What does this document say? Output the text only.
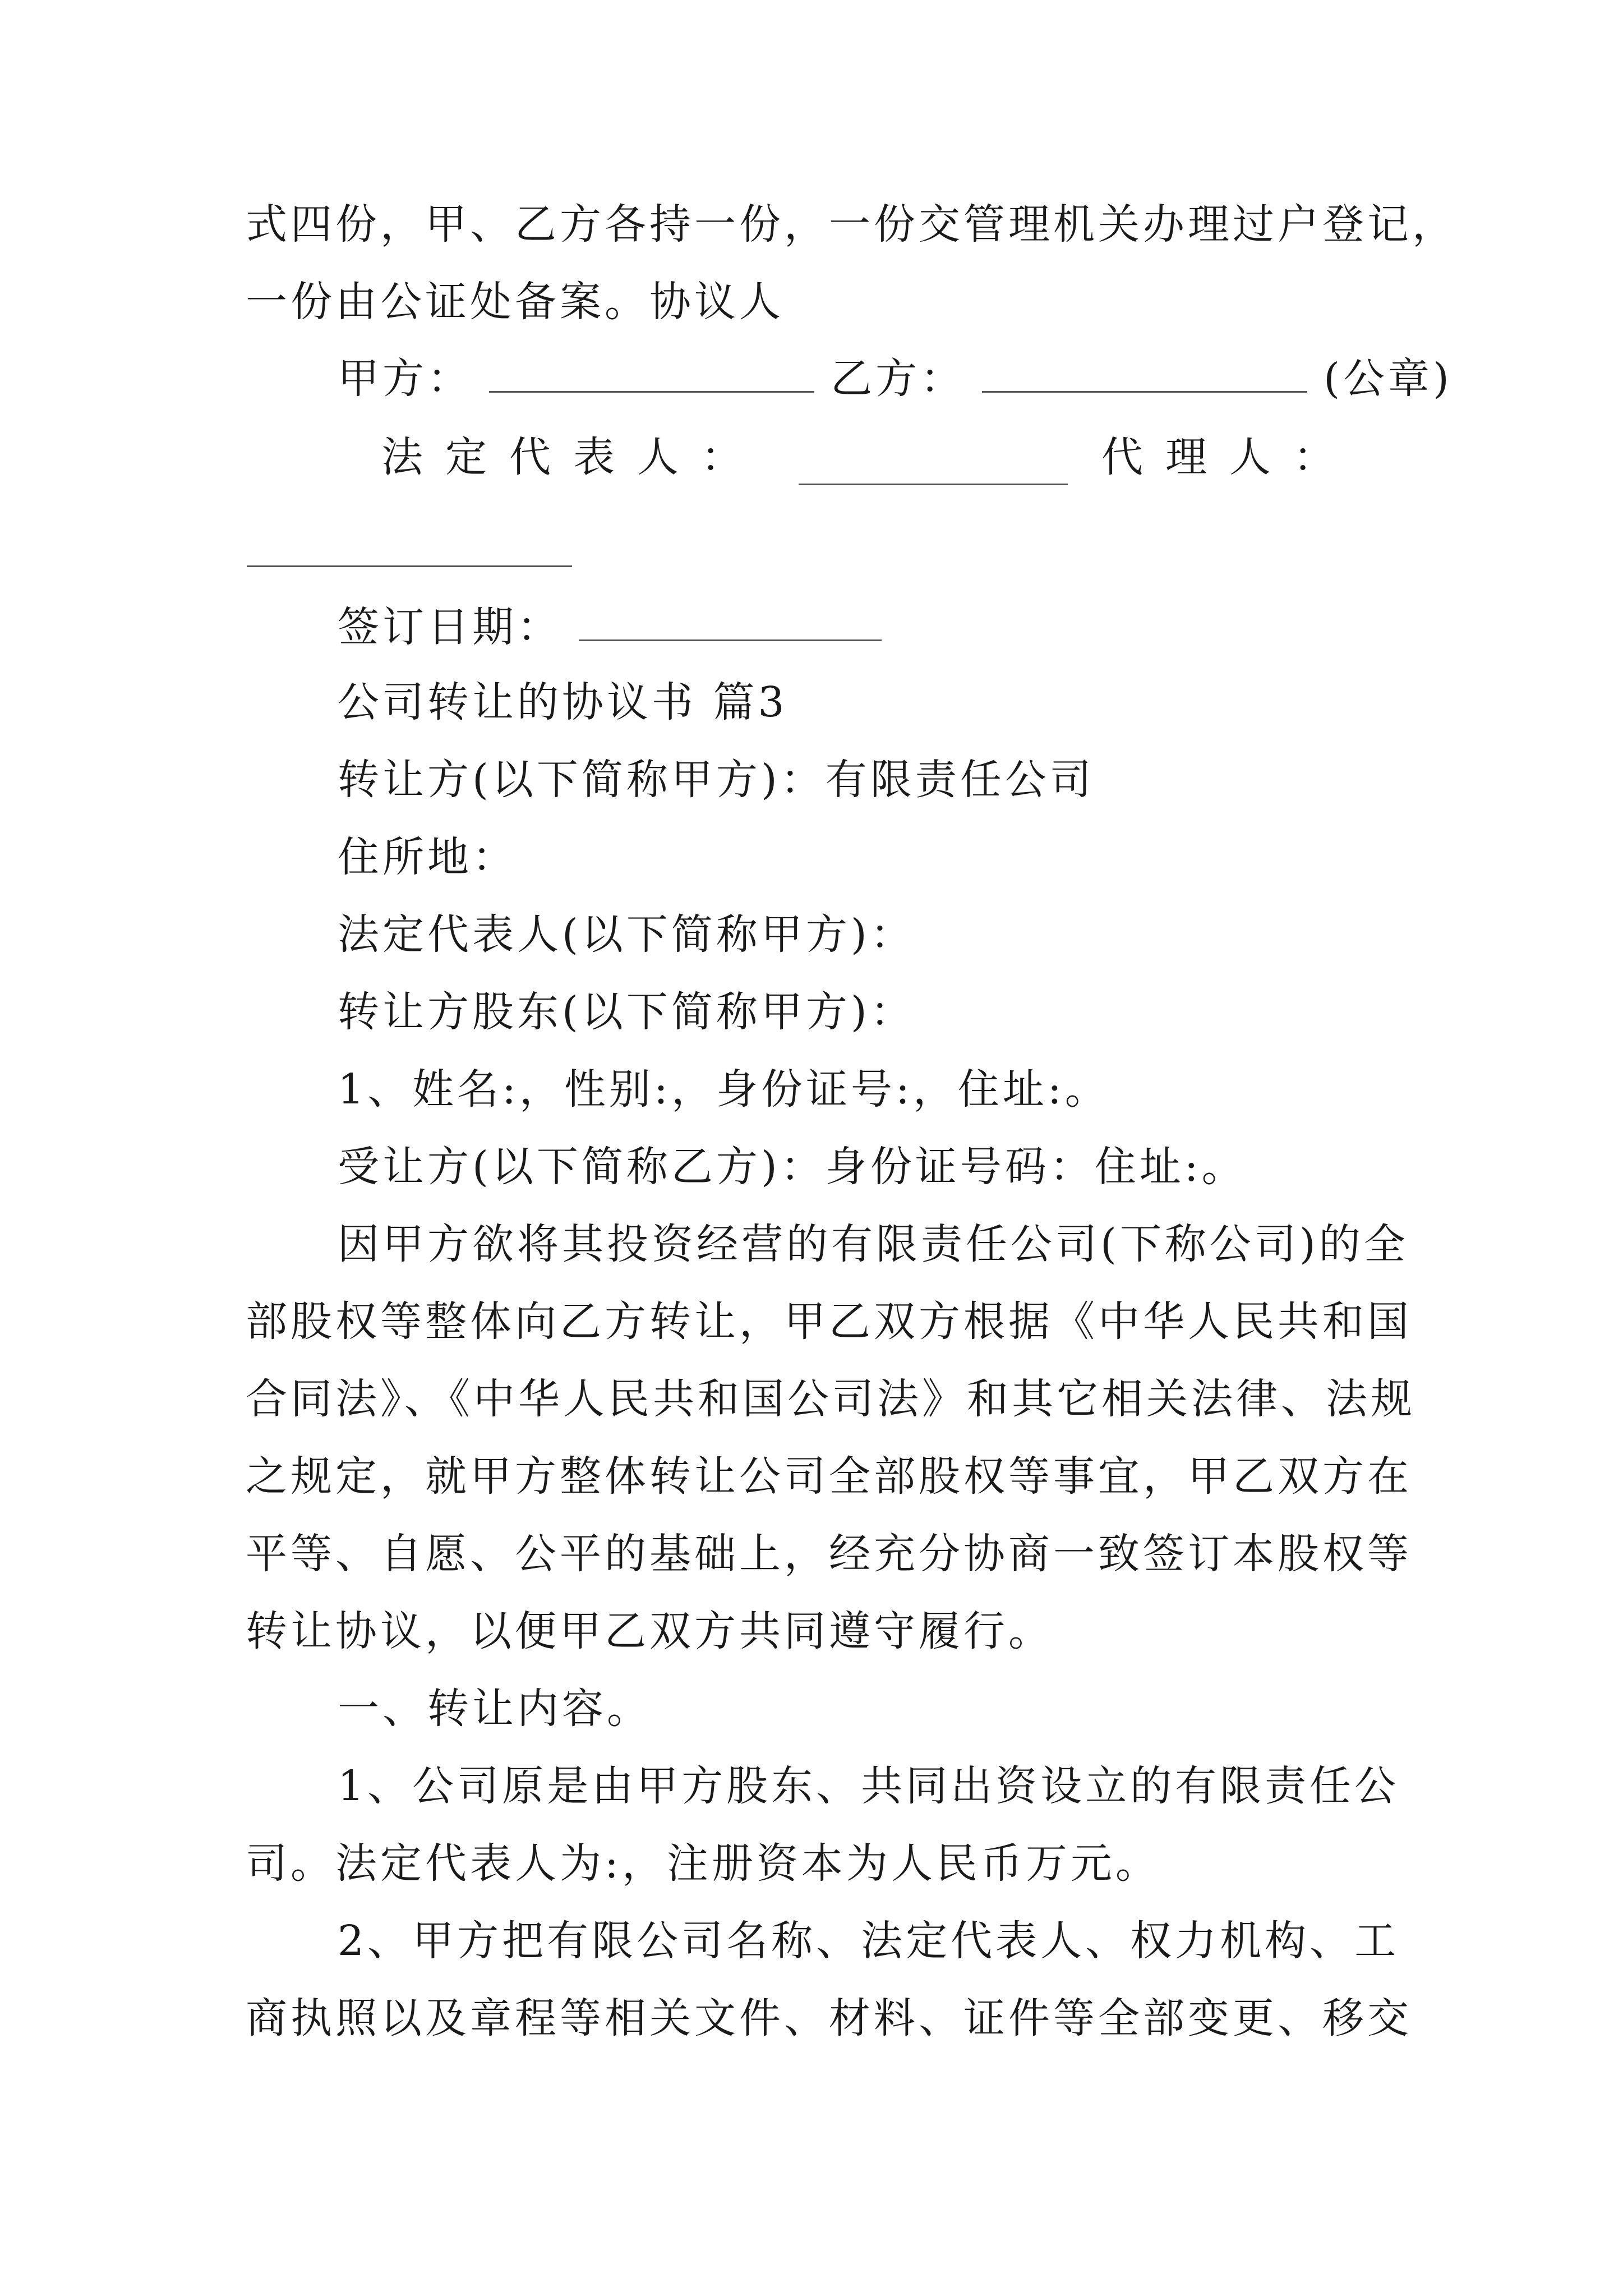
式四份，甲、乙方各持一份，一份交管理机关办理过户登记，
一份由公证处备案。协议人
甲方：	乙方：	(公章)
法定代表人：	代理人：
签订日期：
公司转让的协议书 篇3
转让方(以下简称甲方)：有限责任公司
住所地：
法定代表人(以下简称甲方)：
转让方股东(以下简称甲方)：
1、姓名:，性别:，身份证号:，住址:。
受让方(以下简称乙方)：身份证号码：住址:。
因甲方欲将其投资经营的有限责任公司(下称公司)的全
部股权等整体向乙方转让，甲乙双方根据《中华人民共和国
合同法》、《中华人民共和国公司法》和其它相关法律、法规
之规定，就甲方整体转让公司全部股权等事宜，甲乙双方在
平等、自愿、公平的基础上，经充分协商一致签订本股权等
转让协议，以便甲乙双方共同遵守履行。
一、转让内容。
1、公司原是由甲方股东、共同出资设立的有限责任公
司。法定代表人为:，注册资本为人民币万元。
2、甲方把有限公司名称、法定代表人、权力机构、工
商执照以及章程等相关文件、材料、证件等全部变更、移交
